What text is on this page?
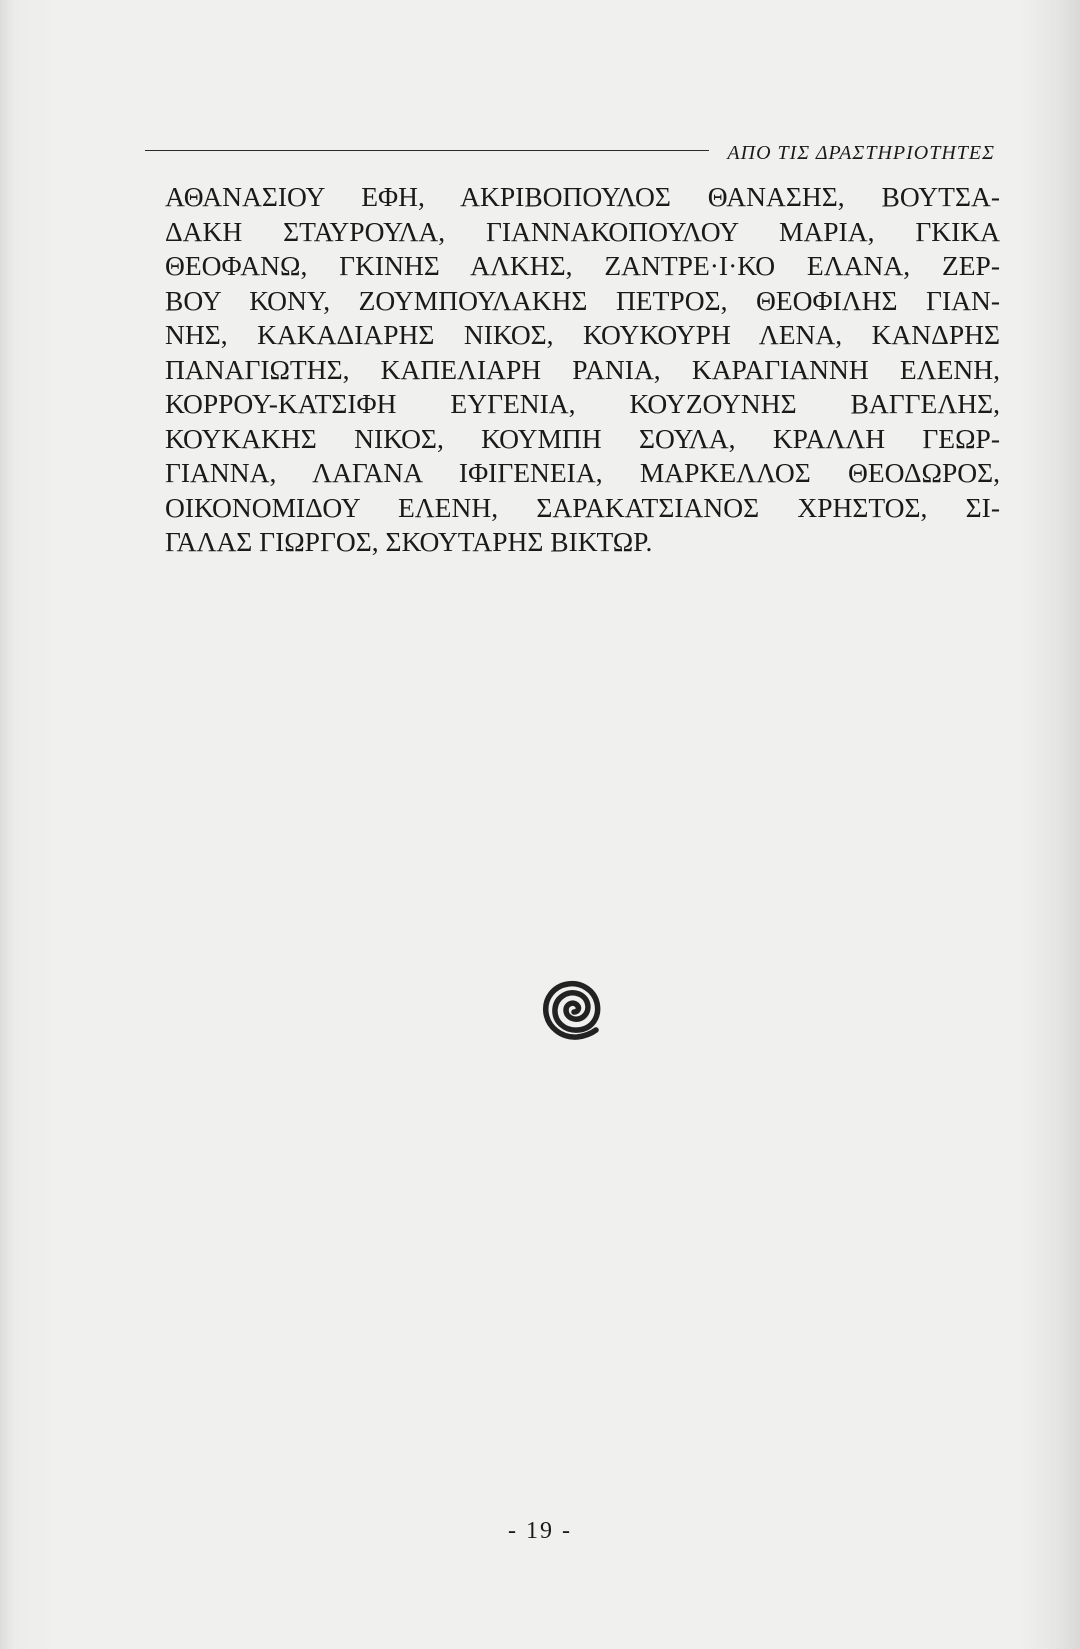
ΑΠΟ ΤΙΣ ΔΡΑΣΤΗΡΙΟΤΗΤΕΣ
ΑΘΑΝΑΣΙΟΥ ΕΦΗ, ΑΚΡΙΒΟΠΟΥΛΟΣ ΘΑΝΑΣΗΣ, ΒΟΥΤΣΑ-
ΔΑΚΗ ΣΤΑΥΡΟΥΛΑ, ΓΙΑΝΝΑΚΟΠΟΥΛΟΥ ΜΑΡΙΑ, ΓΚΙΚΑ
ΘΕΟΦΑΝΩ, ΓΚΙΝΗΣ ΑΛΚΗΣ, ΖΑΝΤΡΕ·Ι·ΚΟ ΕΛΑΝΑ, ΖΕΡ-
ΒΟΥ ΚΟΝΥ, ΖΟΥΜΠΟΥΛΑΚΗΣ ΠΕΤΡΟΣ, ΘΕΟΦΙΛΗΣ ΓΙΑΝ-
ΝΗΣ, ΚΑΚΑΔΙΑΡΗΣ ΝΙΚΟΣ, ΚΟΥΚΟΥΡΗ ΛΕΝΑ, ΚΑΝΔΡΗΣ
ΠΑΝΑΓΙΩΤΗΣ, ΚΑΠΕΛΙΑΡΗ ΡΑΝΙΑ, ΚΑΡΑΓΙΑΝΝΗ ΕΛΕΝΗ,
ΚΟΡΡΟΥ-ΚΑΤΣΙΦΗ ΕΥΓΕΝΙΑ, ΚΟΥΖΟΥΝΗΣ ΒΑΓΓΕΛΗΣ,
ΚΟΥΚΑΚΗΣ ΝΙΚΟΣ, ΚΟΥΜΠΗ ΣΟΥΛΑ, ΚΡΑΛΛΗ ΓΕΩΡ-
ΓΙΑΝΝΑ, ΛΑΓΑΝΑ ΙΦΙΓΕΝΕΙΑ, ΜΑΡΚΕΛΛΟΣ ΘΕΟΔΩΡΟΣ,
ΟΙΚΟΝΟΜΙΔΟΥ ΕΛΕΝΗ, ΣΑΡΑΚΑΤΣΙΑΝΟΣ ΧΡΗΣΤΟΣ, ΣΙ-
ΓΑΛΑΣ ΓΙΩΡΓΟΣ, ΣΚΟΥΤΑΡΗΣ ΒΙΚΤΩΡ.
- 19 -
